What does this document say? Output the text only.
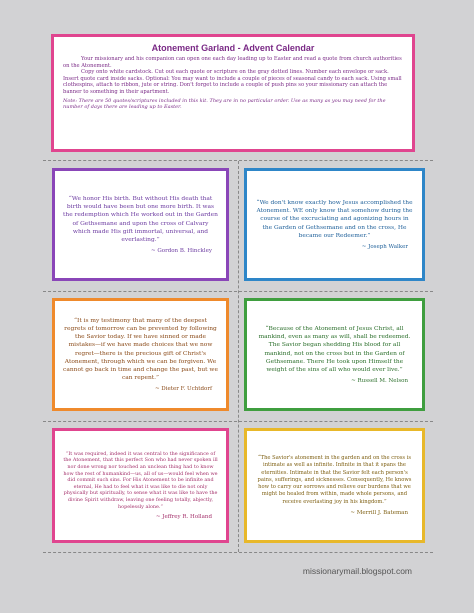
Atonement Garland - Advent Calendar

Your missionary and his companion can open one each day leading up to Easter and read a quote from church authorities on the Atonement.

Copy onto white cardstock. Cut out each quote or scripture on the gray dotted lines. Number each envelope or sack. Insert quote card inside sacks. Optional: You may want to include a couple of pieces of seasonal candy to each sack. Using small clothespins, attach to ribbon, jute or string. Don't forget to include a couple of push pins so your missionary can attach the banner to something in their apartment.

Note: There are 50 quotes/scriptures included in this kit. They are in no particular order. Use as many as you may need for the number of days there are leading up to Easter.

“We honor His birth. But without His death that birth would have been but one more birth. It was the redemption which He worked out in the Garden of Gethsemane and upon the cross of Calvary which made His gift immortal, universal, and everlasting.”

~ Gordon B. Hinckley

“We don't know exactly how Jesus accomplished the Atonement. WE only know that somehow during the course of the excruciating and agonizing hours in the Garden of Gethsemane and on the cross, He became our Redeemer.”

~ Joseph Walker

“It is my testimony that many of the deepest regrets of tomorrow can be prevented by following the Savior today. If we have sinned or made mistakes—if we have made choices that we now regret—there is the precious gift of Christ's Atonement, through which we can be forgiven. We cannot go back in time and change the past, but we can repent.”

~ Dieter F. Uchtdorf

“Because of the Atonement of Jesus Christ, all mankind, even as many as will, shall be redeemed. The Savior began shedding His blood for all mankind, not on the cross but in the Garden of Gethsemane. There He took upon Himself the weight of the sins of all who would ever live.”

~ Russell M. Nelson

“It was required, indeed it was central to the significance of the Atonement, that this perfect Son who had never spoken ill nor done wrong nor touched an unclean thing had to know how the rest of humankind—us, all of us—would feel when we did commit such sins. For His Atonement to be infinite and eternal, He had to feel what it was like to die not only physically but spiritually, to sense what it was like to have the divine Spirit withdraw, leaving one feeling totally, abjectly, hopelessly alone.”

~ Jeffrey R. Holland

“The Savior's atonement in the garden and on the cross is intimate as well as infinite. Infinite in that it spans the eternities. Intimate in that the Savior felt each person's pains, sufferings, and sicknesses. Consequently, He knows how to carry our sorrows and relieve our burdens that we might be healed from within, made whole persons, and receive everlasting joy in his kingdom.”

~ Merrill J. Bateman

missionarymail.blogspot.com
